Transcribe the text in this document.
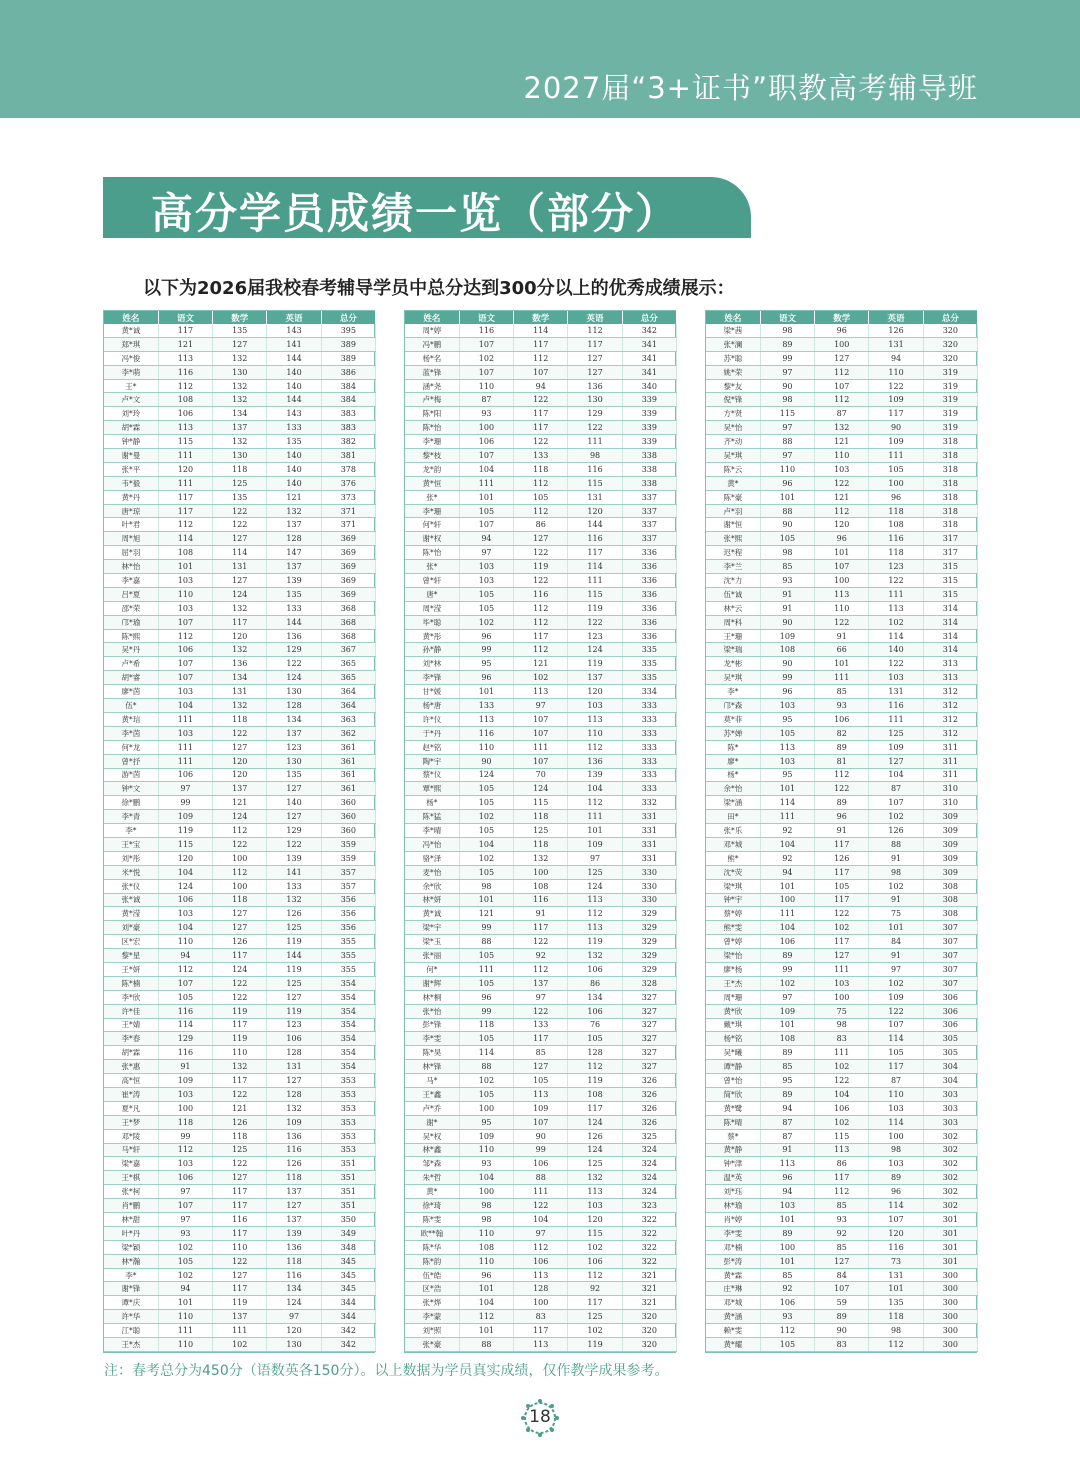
2027届“3+证书”职教高考辅导班
高分学员成绩一览（部分）
以下为2026届我校春考辅导学员中总分达到300分以上的优秀成绩展示：
姓名	语文	数学	英语	总分
黄*诚	117	135	143	395
郑*琪	121	127	141	389
冯*俊	113	132	144	389
李*萌	116	130	140	386
王*	112	132	140	384
卢*文	108	132	144	384
刘*玲	106	134	143	383
胡*霖	113	137	133	383
钟*静	115	132	135	382
谢*曼	111	130	140	381
张*平	120	118	140	378
韦*毅	111	125	140	376
黄*丹	117	135	121	373
唐*琼	117	122	132	371
叶*君	112	122	137	371
周*旭	114	127	128	369
屈*羽	108	114	147	369
林*怡	101	131	137	369
李*嘉	103	127	139	369
吕*夏	110	124	135	369
邵*荣	103	132	133	368
邝*瑜	107	117	144	368
陈*熙	112	120	136	368
吴*丹	106	132	129	367
卢*希	107	136	122	365
胡*睿	107	134	124	365
廖*茵	103	131	130	364
伍*	104	132	128	364
黄*琂	111	118	134	363
李*茵	103	122	137	362
何*龙	111	127	123	361
曾*抒	111	120	130	361
游*茵	106	120	135	361
钟*文	97	137	127	361
徐*鹏	99	121	140	360
李*青	109	124	127	360
李*	119	112	129	360
王*宝	115	122	122	359
刘*彤	120	100	139	359
米*悦	104	112	141	357
张*仪	124	100	133	357
张*诚	106	118	132	356
黄*滢	103	127	126	356
刘*豪	104	127	125	356
区*宏	110	126	119	355
黎*星	94	117	144	355
王*妍	112	124	119	355
陈*楠	107	122	125	354
李*欣	105	122	127	354
许*佳	116	119	119	354
王*婧	114	117	123	354
李*春	129	119	106	354
胡*霖	116	110	128	354
张*惠	91	132	131	354
高*恒	109	117	127	353
崔*涛	103	122	128	353
夏*凡	100	121	132	353
王*梦	118	126	109	353
邓*陵	99	118	136	353
马*轩	112	125	116	353
梁*嘉	103	122	126	351
王*棋	106	127	118	351
张*柯	97	117	137	351
肖*鹏	107	117	127	351
林*甜	97	116	137	350
叶*丹	93	117	139	349
梁*颖	102	110	136	348
林*瀚	105	122	118	345
李*	102	127	116	345
谢*锋	94	117	134	345
谭*庆	101	119	124	344
许*华	110	137	97	344
江*聪	111	111	120	342
王*杰	110	102	130	342
姓名	语文	数学	英语	总分
周*婷	116	114	112	342
冯*鹏	107	117	117	341
杨*名	102	112	127	341
蓝*锋	107	107	127	341
涵*尧	110	94	136	340
卢*梅	87	122	130	339
陈*阳	93	117	129	339
陈*怡	100	117	122	339
李*珊	106	122	111	339
黎*枝	107	133	98	338
龙*韵	104	118	116	338
黄*恒	111	112	115	338
张*	101	105	131	337
李*珊	105	112	120	337
何*轩	107	86	144	337
谢*权	94	127	116	337
陈*怡	97	122	117	336
张*	103	119	114	336
曾*轩	103	122	111	336
唐*	105	116	115	336
周*滢	105	112	119	336
毕*聪	102	112	122	336
黄*彤	96	117	123	336
孙*静	99	112	124	335
刘*林	95	121	119	335
李*锋	96	102	137	335
甘*媛	101	113	120	334
杨*唐	133	97	103	333
许*仪	113	107	113	333
于*丹	116	107	110	333
赵*铭	110	111	112	333
陶*宇	90	107	136	333
蔡*仪	124	70	139	333
覃*熙	105	124	104	333
杨*	105	115	112	332
陈*猛	102	118	111	331
李*晴	105	125	101	331
冯*怡	104	118	109	331
骆*泽	102	132	97	331
麦*怡	105	100	125	330
余*欣	98	108	124	330
林*妍	101	116	113	330
黄*诚	121	91	112	329
梁*宇	99	117	113	329
梁*玉	88	122	119	329
张*丽	105	92	132	329
何*	111	112	106	329
谢*辉	105	137	86	328
林*桐	96	97	134	327
张*怡	99	122	106	327
彭*锋	118	133	76	327
李*雯	105	117	105	327
陈*昊	114	85	128	327
林*锋	88	127	112	327
马*	102	105	119	326
王*鑫	105	113	108	326
卢*乔	100	109	117	326
谢*	95	107	124	326
吴*权	109	90	126	325
林*鑫	110	99	124	324
邹*森	93	106	125	324
朱*哲	104	88	132	324
黄*	100	111	113	324
徐*琦	98	122	103	323
陈*雯	98	104	120	322
欧**翰	110	97	115	322
陈*华	108	112	102	322
陈*韵	110	106	106	322
伍*皓	96	113	112	321
区*浩	101	128	92	321
张*烨	104	100	117	321
李*蒙	112	83	125	320
刘*照	101	117	102	320
张*豪	88	113	119	320
姓名	语文	数学	英语	总分
梁*茜	98	96	126	320
张*澜	89	100	131	320
苏*聪	99	127	94	320
姚*荣	97	112	110	319
黎*友	90	107	122	319
倪*锋	98	112	109	319
方*贤	115	87	117	319
吴*怡	97	132	90	319
齐*动	88	121	109	318
吴*琪	97	110	111	318
陈*云	110	103	105	318
黄*	96	122	100	318
陈*豪	101	121	96	318
卢*羽	88	112	118	318
谢*恒	90	120	108	318
张*熙	105	96	116	317
迟*程	98	101	118	317
李*兰	85	107	123	315
沈*力	93	100	122	315
伍*诚	91	113	111	315
林*云	91	110	113	314
周*科	90	122	102	314
王*珊	109	91	114	314
梁*瑞	108	66	140	314
龙*彬	90	101	122	313
吴*琪	99	111	103	313
李*	96	85	131	312
邝*森	103	93	116	312
莫*菲	95	106	111	312
苏*婵	105	82	125	312
陈*	113	89	109	311
廖*	103	81	127	311
杨*	95	112	104	311
余*怡	101	122	87	310
梁*涵	114	89	107	310
田*	111	96	102	309
张*乐	92	91	126	309
邓*城	104	117	88	309
熊*	92	126	91	309
沈*荧	94	117	98	309
梁*琪	101	105	102	308
钟*宇	100	117	91	308
蔡*婷	111	122	75	308
熊*雯	104	102	101	307
曾*婷	106	117	84	307
梁*怡	89	127	91	307
廖*杨	99	111	97	307
王*杰	102	103	102	307
周*珊	97	100	109	306
黄*欣	109	75	122	306
戴*琪	101	98	107	306
杨*铭	108	83	114	305
吴*曦	89	111	105	305
谭*静	85	102	117	304
曾*怡	95	122	87	304
简*欣	89	104	110	303
黄*鹭	94	106	103	303
陈*晴	87	102	114	303
蔡*	87	115	100	302
黄*静	91	113	98	302
钟*津	113	86	103	302
温*英	96	117	89	302
刘*珏	94	112	96	302
林*瑜	103	85	114	302
肖*婷	101	93	107	301
李*雯	89	92	120	301
邓*楠	100	85	116	301
彭*涛	101	127	73	301
黄*霖	85	84	131	300
庄*琳	92	107	101	300
邓*城	106	59	135	300
黄*涵	93	89	118	300
赖*雯	112	90	98	300
黄*耀	105	83	112	300
注：春考总分为450分（语数英各150分）。以上数据为学员真实成绩，仅作教学成果参考。
18
